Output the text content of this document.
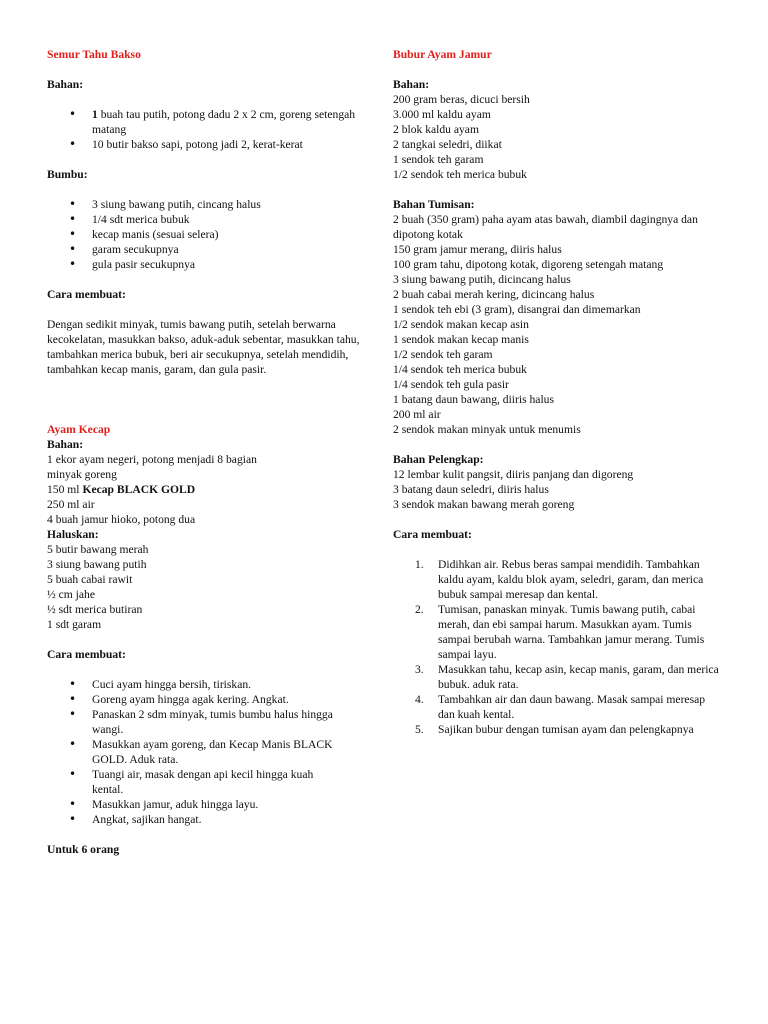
Semur Tahu Bakso

Bahan:

• 1 buah tau putih, potong dadu 2 x 2 cm, goreng setengah matang
• 10 butir bakso sapi, potong jadi 2, kerat-kerat

Bumbu:

• 3 siung bawang putih, cincang halus
• 1/4 sdt merica bubuk
• kecap manis (sesuai selera)
• garam secukupnya
• gula pasir secukupnya

Cara membuat:

Dengan sedikit minyak, tumis bawang putih, setelah berwarna kecokelatan, masukkan bakso, aduk-aduk sebentar, masukkan tahu, tambahkan merica bubuk, beri air secukupnya, setelah mendidih, tambahkan kecap manis, garam, dan gula pasir.

Ayam Kecap

Bahan:

1 ekor ayam negeri, potong menjadi 8 bagian
minyak goreng
150 ml Kecap BLACK GOLD
250 ml air
4 buah jamur hioko, potong dua

Haluskan:

5 butir bawang merah
3 siung bawang putih
5 buah cabai rawit
½ cm jahe
½ sdt merica butiran
1 sdt garam

Cara membuat:

• Cuci ayam hingga bersih, tiriskan.
• Goreng ayam hingga agak kering. Angkat.
• Panaskan 2 sdm minyak, tumis bumbu halus hingga wangi.
• Masukkan ayam goreng, dan Kecap Manis BLACK GOLD. Aduk rata.
• Tuangi air, masak dengan api kecil hingga kuah kental.
• Masukkan jamur, aduk hingga layu.
• Angkat, sajikan hangat.

Untuk 6 orang

Bubur Ayam Jamur

Bahan:

200 gram beras, dicuci bersih
3.000 ml kaldu ayam
2 blok kaldu ayam
2 tangkai seledri, diikat
1 sendok teh garam
1/2 sendok teh merica bubuk

Bahan Tumisan:

2 buah (350 gram) paha ayam atas bawah, diambil dagingnya dan dipotong kotak
150 gram jamur merang, diiris halus
100 gram tahu, dipotong kotak, digoreng setengah matang
3 siung bawang putih, dicincang halus
2 buah cabai merah kering, dicincang halus
1 sendok teh ebi (3 gram), disangrai dan dimemarkan
1/2 sendok makan kecap asin
1 sendok makan kecap manis
1/2 sendok teh garam
1/4 sendok teh merica bubuk
1/4 sendok teh gula pasir
1 batang daun bawang, diiris halus
200 ml air
2 sendok makan minyak untuk menumis

Bahan Pelengkap:

12 lembar kulit pangsit, diiris panjang dan digoreng
3 batang daun seledri, diiris halus
3 sendok makan bawang merah goreng

Cara membuat:

1. Didihkan air. Rebus beras sampai mendidih. Tambahkan kaldu ayam, kaldu blok ayam, seledri, garam, dan merica bubuk sampai meresap dan kental.
2. Tumisan, panaskan minyak. Tumis bawang putih, cabai merah, dan ebi sampai harum. Masukkan ayam. Tumis sampai berubah warna. Tambahkan jamur merang. Tumis sampai layu.
3. Masukkan tahu, kecap asin, kecap manis, garam, dan merica bubuk. aduk rata.
4. Tambahkan air dan daun bawang. Masak sampai meresap dan kuah kental.
5. Sajikan bubur dengan tumisan ayam dan pelengkapnya
